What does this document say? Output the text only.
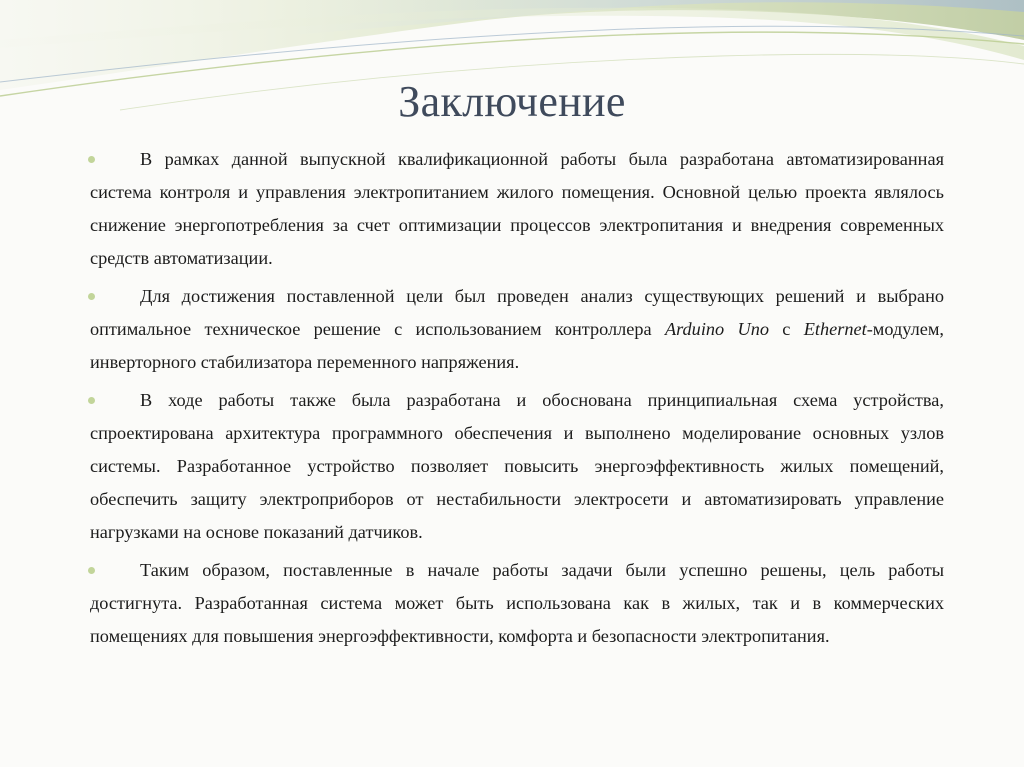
Заключение

В рамках данной выпускной квалификационной работы была разработана автоматизированная система контроля и управления электропитанием жилого помещения. Основной целью проекта являлось снижение энергопотребления за счет оптимизации процессов электропитания и внедрения современных средств автоматизации.

Для достижения поставленной цели был проведен анализ существующих решений и выбрано оптимальное техническое решение с использованием контроллера Arduino Uno с Ethernet-модулем, инверторного стабилизатора переменного напряжения.

В ходе работы также была разработана и обоснована принципиальная схема устройства, спроектирована архитектура программного обеспечения и выполнено моделирование основных узлов системы. Разработанное устройство позволяет повысить энергоэффективность жилых помещений, обеспечить защиту электроприборов от нестабильности электросети и автоматизировать управление нагрузками на основе показаний датчиков.

Таким образом, поставленные в начале работы задачи были успешно решены, цель работы достигнута. Разработанная система может быть использована как в жилых, так и в коммерческих помещениях для повышения энергоэффективности, комфорта и безопасности электропитания.
